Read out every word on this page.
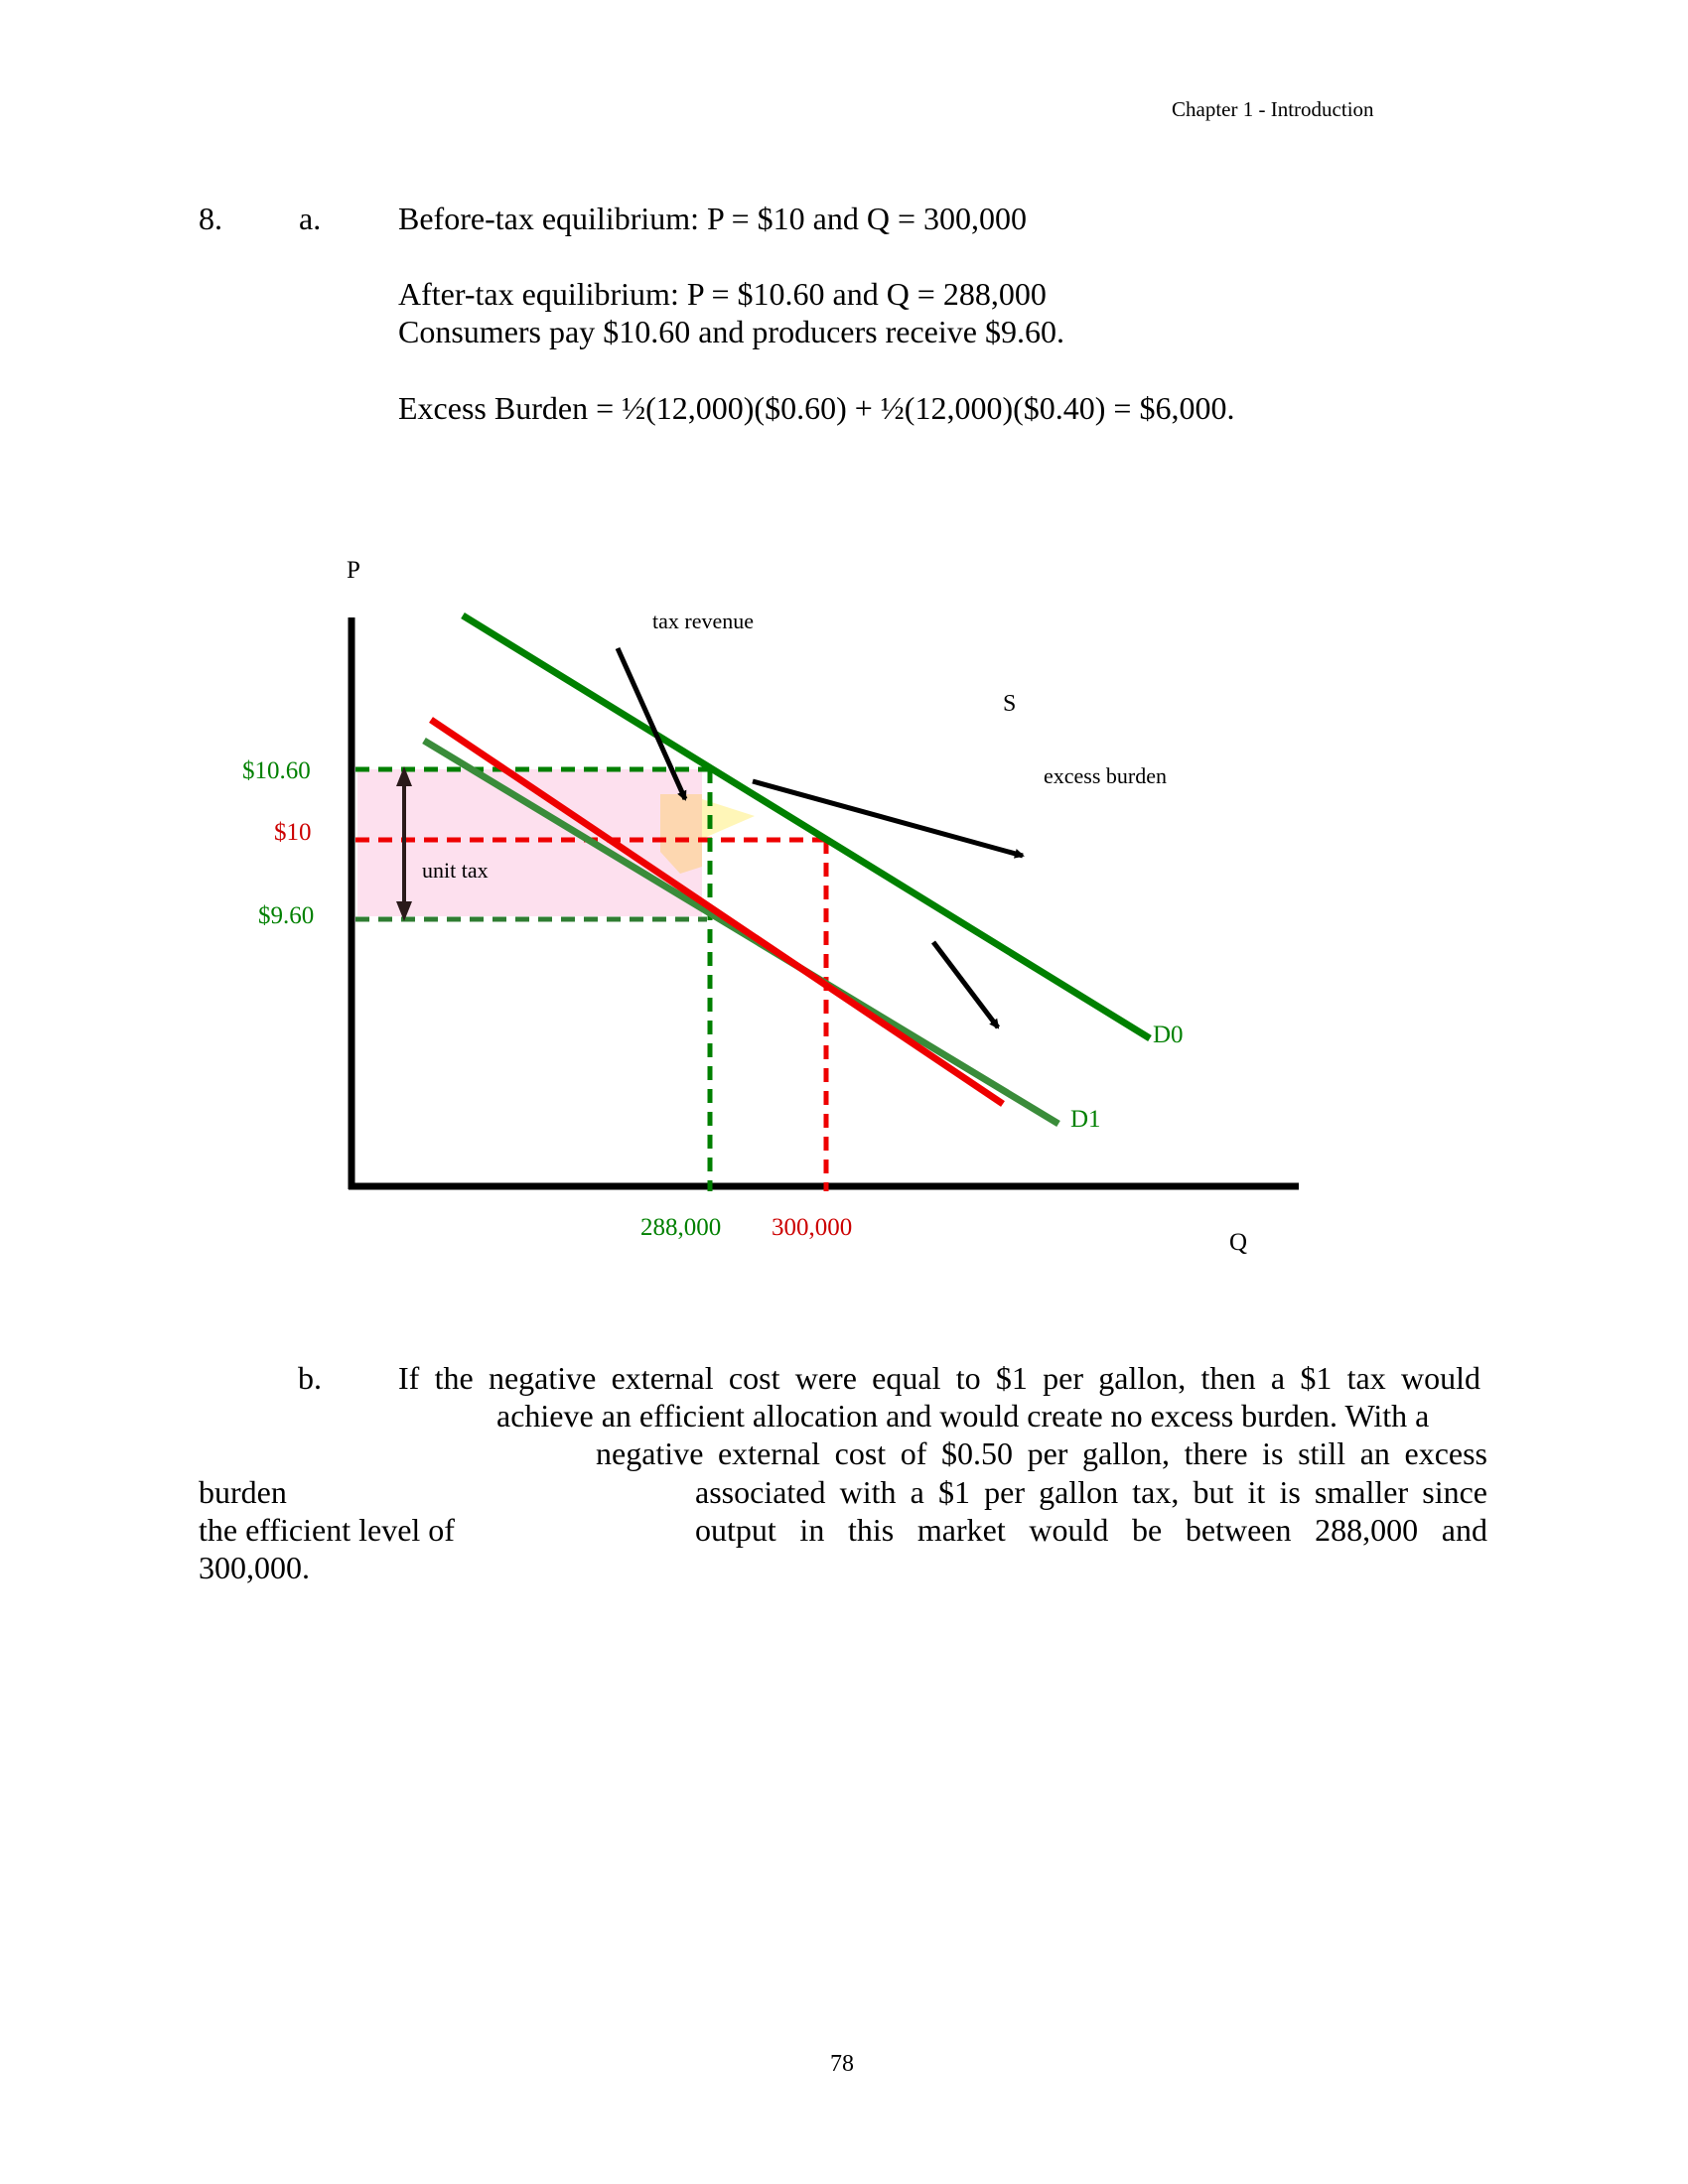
Chapter 1 - Introduction
8. a. Before-tax equilibrium: P = $10 and Q = 300,000
After-tax equilibrium: P = $10.60 and Q = 288,000
Consumers pay $10.60 and producers receive $9.60.
Excess Burden = ½(12,000)($0.60) + ½(12,000)($0.40) = $6,000.
P
Q
$10.60
$10
$9.60
288,000 300,000
tax revenue
excess burden
unit tax
S
D0
D1
b. If the negative external cost were equal to $1 per gallon, then a $1 tax would
achieve an efficient allocation and would create no excess burden. With a
negative external cost of $0.50 per gallon, there is still an excess
burden	associated with a $1 per gallon tax, but it is smaller since
the efficient level of	output in this market would be between 288,000 and
300,000.
78
